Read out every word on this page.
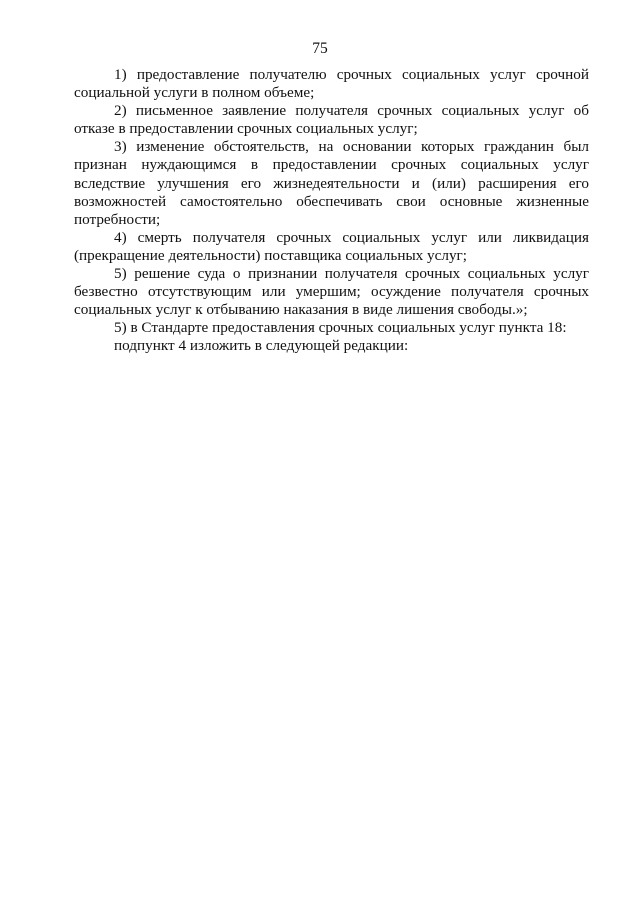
75

1) предоставление получателю срочных социальных услуг срочной социальной услуги в полном объеме;

2) письменное заявление получателя срочных социальных услуг об отказе в предоставлении срочных социальных услуг;

3) изменение обстоятельств, на основании которых гражданин был признан нуждающимся в предоставлении срочных социальных услуг вследствие улучшения его жизнедеятельности и (или) расширения его возможностей самостоятельно обеспечивать свои основные жизненные потребности;

4) смерть получателя срочных социальных услуг или ликвидация (прекращение деятельности) поставщика социальных услуг;

5) решение суда о признании получателя срочных социальных услуг безвестно отсутствующим или умершим; осуждение получателя срочных социальных услуг к отбыванию наказания в виде лишения свободы.»;

5) в Стандарте предоставления срочных социальных услуг пункта 18:

подпункт 4 изложить в следующей редакции:
